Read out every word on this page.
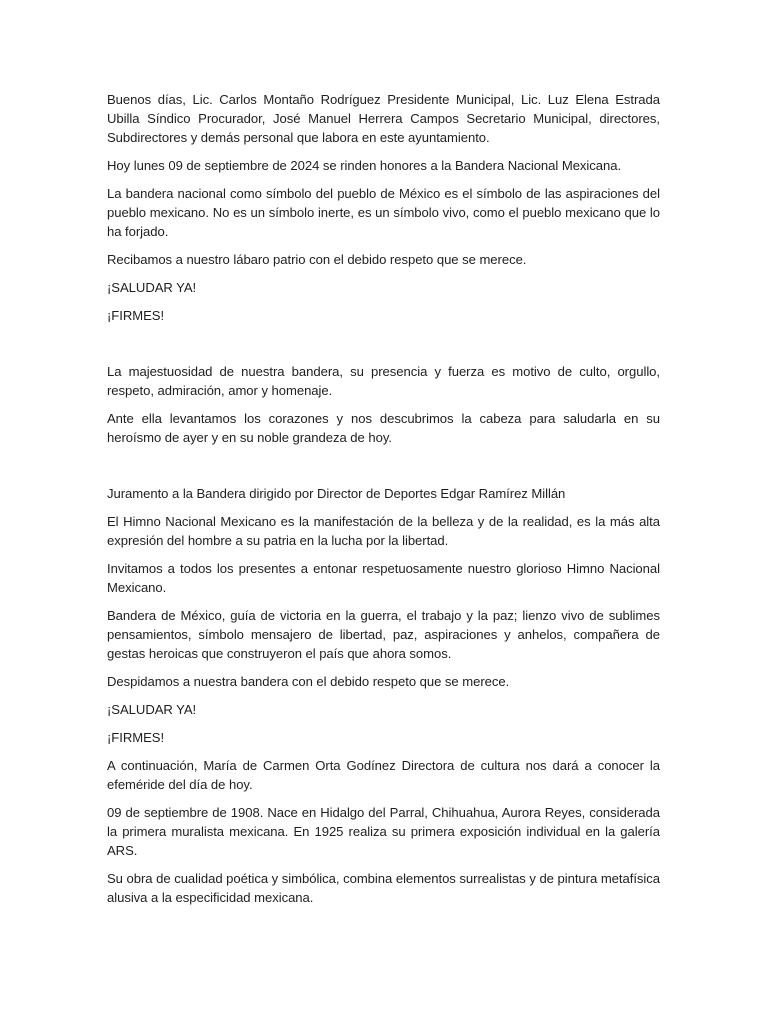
Buenos días, Lic. Carlos Montaño Rodríguez Presidente Municipal, Lic. Luz Elena Estrada Ubilla Síndico Procurador, José Manuel Herrera Campos Secretario Municipal, directores, Subdirectores y demás personal que labora en este ayuntamiento.

Hoy lunes 09 de septiembre de 2024 se rinden honores a la Bandera Nacional Mexicana.

La bandera nacional como símbolo del pueblo de México es el símbolo de las aspiraciones del pueblo mexicano. No es un símbolo inerte, es un símbolo vivo, como el pueblo mexicano que lo ha forjado.

Recibamos a nuestro lábaro patrio con el debido respeto que se merece.

¡SALUDAR YA!

¡FIRMES!

La majestuosidad de nuestra bandera, su presencia y fuerza es motivo de culto, orgullo, respeto, admiración, amor y homenaje.

Ante ella levantamos los corazones y nos descubrimos la cabeza para saludarla en su heroísmo de ayer y en su noble grandeza de hoy.

Juramento a la Bandera dirigido por Director de Deportes Edgar Ramírez Millán

El Himno Nacional Mexicano es la manifestación de la belleza y de la realidad, es la más alta expresión del hombre a su patria en la lucha por la libertad.

Invitamos a todos los presentes a entonar respetuosamente nuestro glorioso Himno Nacional Mexicano.

Bandera de México, guía de victoria en la guerra, el trabajo y la paz; lienzo vivo de sublimes pensamientos, símbolo mensajero de libertad, paz, aspiraciones y anhelos, compañera de gestas heroicas que construyeron el país que ahora somos.

Despidamos a nuestra bandera con el debido respeto que se merece.

¡SALUDAR YA!

¡FIRMES!

A continuación, María de Carmen Orta Godínez Directora de cultura nos dará a conocer la efeméride del día de hoy.

09 de septiembre de 1908. Nace en Hidalgo del Parral, Chihuahua, Aurora Reyes, considerada la primera muralista mexicana. En 1925 realiza su primera exposición individual en la galería ARS.

Su obra de cualidad poética y simbólica, combina elementos surrealistas y de pintura metafísica alusiva a la especificidad mexicana.
